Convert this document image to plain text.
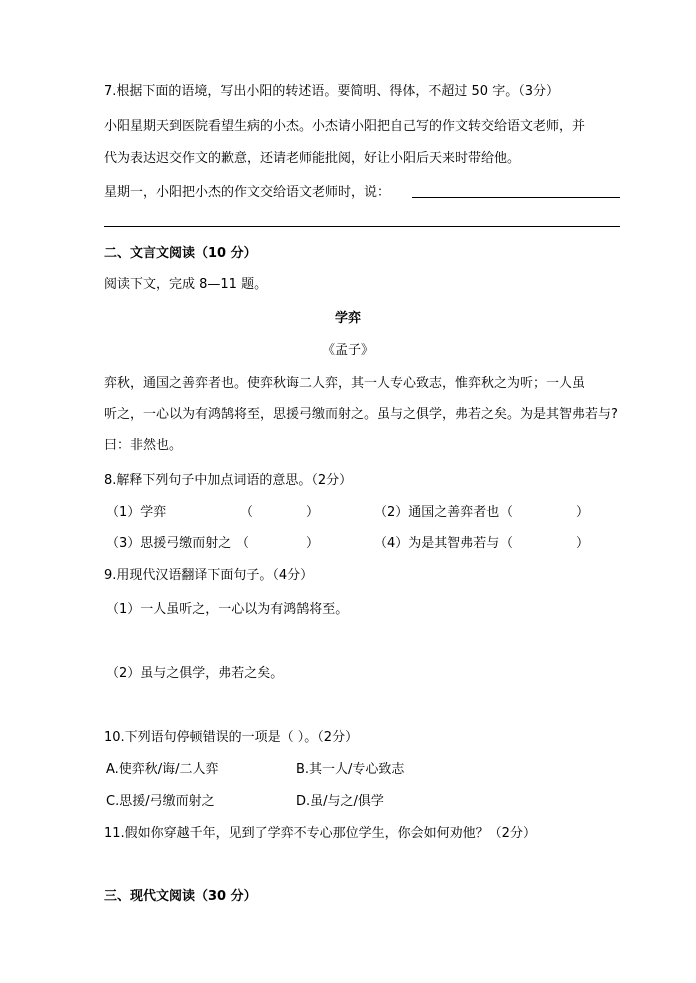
7.根据下面的语境，写出小阳的转述语。要简明、得体，不超过 50 字。（3分）
小阳星期天到医院看望生病的小杰。小杰请小阳把自己写的作文转交给语文老师，并
代为表达迟交作文的歉意，还请老师能批阅，好让小阳后天来时带给他。
星期一，小阳把小杰的作文交给语文老师时，说：
二、文言文阅读（10 分）
阅读下文，完成 8—11 题。
学弈
《孟子》
弈秋，通国之善弈者也。使弈秋诲二人弈，其一人专心致志，惟弈秋之为听；一人虽
听之，一心以为有鸿鹄将至，思援弓缴而射之。虽与之俱学，弗若之矣。为是其智弗若与?
曰：非然也。
8.解释下列句子中加点词语的意思。（2分）
（1）学弈	（	）	（2）通国之善弈者也 （	）
（3）思援弓缴而射之 （	）	（4）为是其智弗若与 （	）
9.用现代汉语翻译下面句子。（4分）
（1）一人虽听之，一心以为有鸿鹄将至。
（2）虽与之俱学，弗若之矣。
10.下列语句停顿错误的一项是（ ）。（2分）
A.使弈秋/诲/二人弈	B.其一人/专心致志
C.思援/弓缴而射之	D.虽/与之/俱学
11.假如你穿越千年，见到了学弈不专心那位学生，你会如何劝他？（2分）
三、现代文阅读（30 分）
